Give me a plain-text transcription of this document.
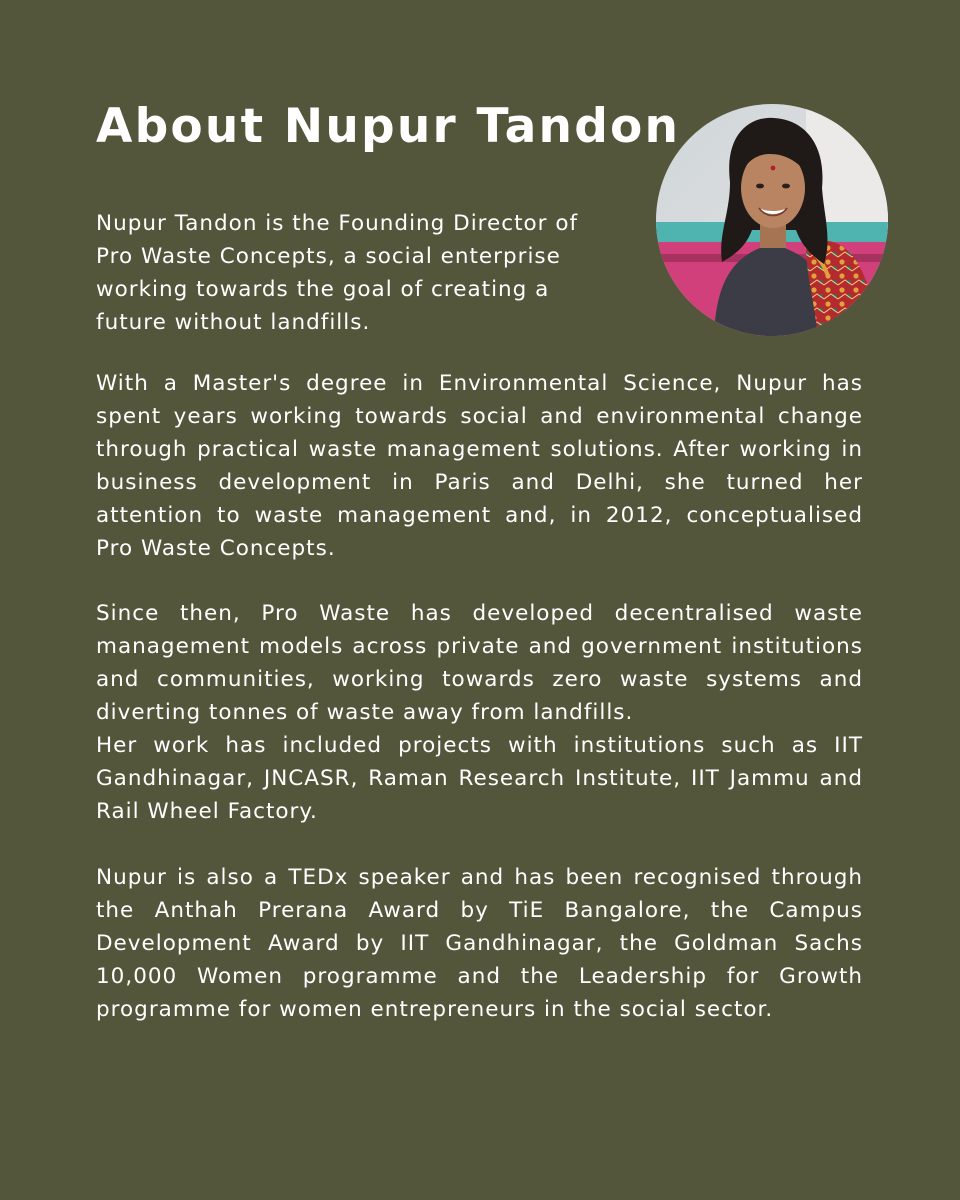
About Nupur Tandon

Nupur Tandon is the Founding Director of
Pro Waste Concepts, a social enterprise
working towards the goal of creating a
future without landfills.

With a Master's degree in Environmental Science, Nupur has spent years working towards social and environmental change through practical waste management solutions. After working in business development in Paris and Delhi, she turned her attention to waste management and, in 2012, conceptualised Pro Waste Concepts.

Since then, Pro Waste has developed decentralised waste management models across private and government institutions and communities, working towards zero waste systems and diverting tonnes of waste away from landfills.
Her work has included projects with institutions such as IIT Gandhinagar, JNCASR, Raman Research Institute, IIT Jammu and Rail Wheel Factory.

Nupur is also a TEDx speaker and has been recognised through the Anthah Prerana Award by TiE Bangalore, the Campus Development Award by IIT Gandhinagar, the Goldman Sachs 10,000 Women programme and the Leadership for Growth programme for women entrepreneurs in the social sector.
